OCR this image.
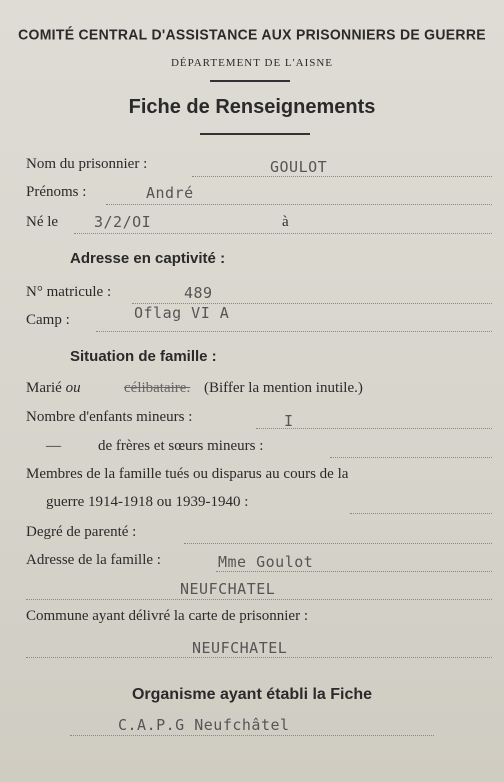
COMITÉ CENTRAL D'ASSISTANCE AUX PRISONNIERS DE GUERRE
DÉPARTEMENT DE L'AISNE
Fiche de Renseignements
Nom du prisonnier :	GOULOT
Prénoms :	André
Né le 3/2/OI	à
Adresse en captivité :
N° matricule :	489
Camp :	Oflag VI A
Situation de famille :
Marié ou	célibataire. (Biffer la mention inutile.)
Nombre d'enfants mineurs :	I
— de frères et sœurs mineurs :
Membres de la famille tués ou disparus au cours de la
guerre 1914-1918 ou 1939-1940 :
Degré de parenté :
Adresse de la famille :	Mme Goulot
NEUFCHATEL
Commune ayant délivré la carte de prisonnier :
NEUFCHATEL
Organisme ayant établi la Fiche
C.A.P.G Neufchâtel
